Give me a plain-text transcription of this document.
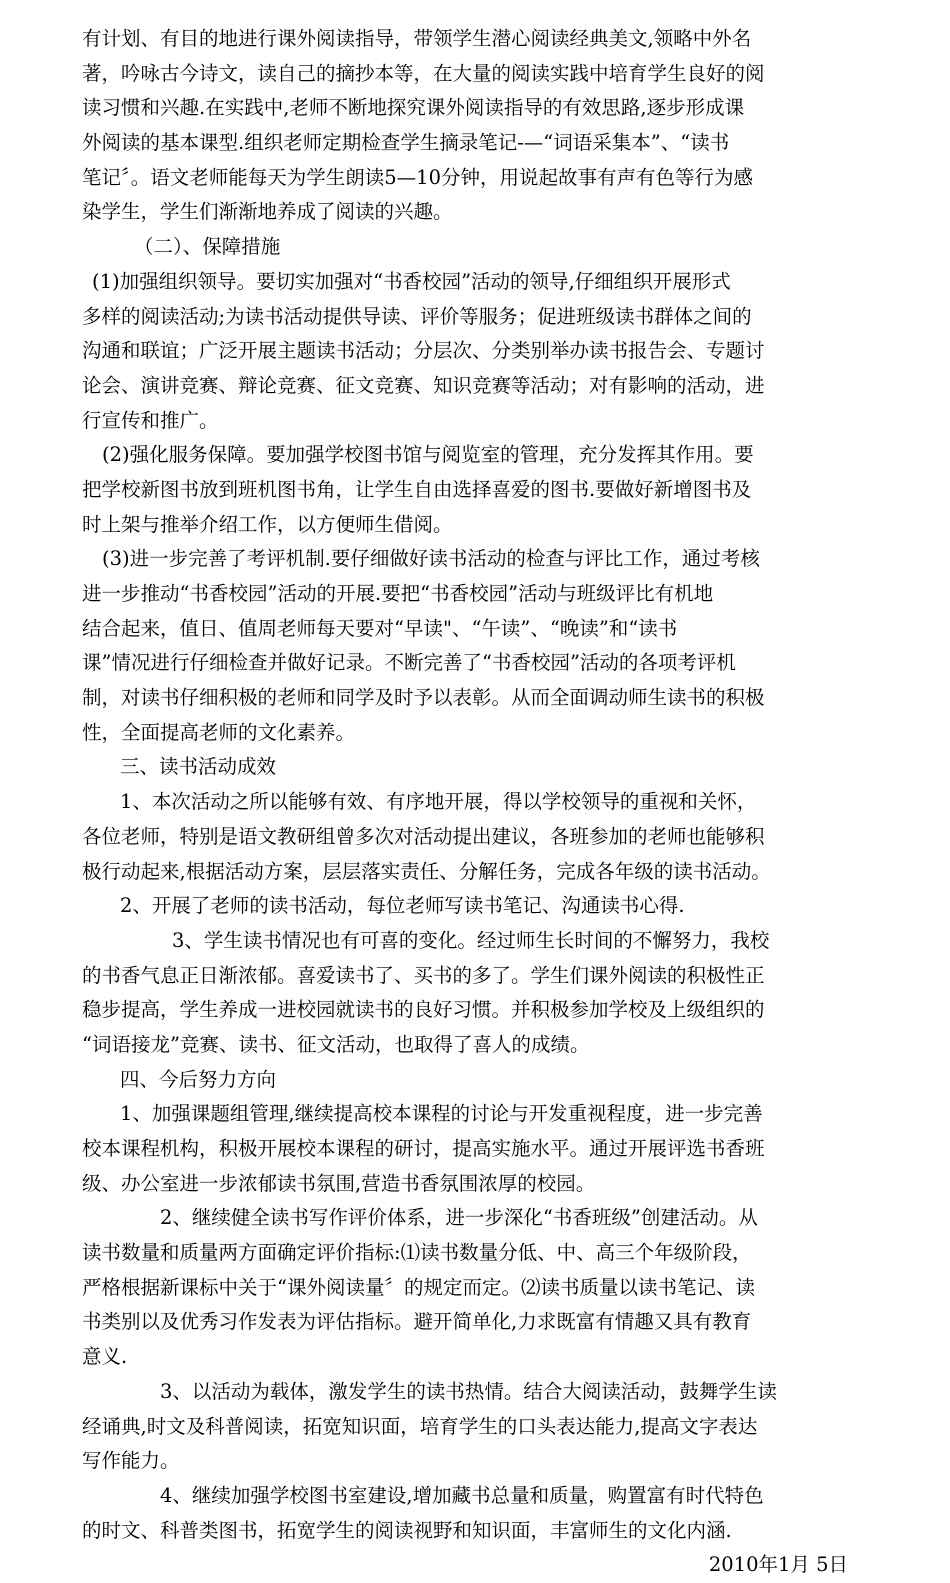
有计划、有目的地进行课外阅读指导，带领学生潜心阅读经典美文,领略中外名
著，吟咏古今诗文，读自己的摘抄本等，在大量的阅读实践中培育学生良好的阅
读习惯和兴趣.在实践中,老师不断地探究课外阅读指导的有效思路,逐步形成课
外阅读的基本课型.组织老师定期检查学生摘录笔记-—“词语采集本”、“读书
笔记〞。语文老师能每天为学生朗读5—10分钟，用说起故事有声有色等行为感
染学生，学生们渐渐地养成了阅读的兴趣。
（二）、保障措施
(1)加强组织领导。要切实加强对“书香校园”活动的领导,仔细组织开展形式
多样的阅读活动;为读书活动提供导读、评价等服务；促进班级读书群体之间的
沟通和联谊；广泛开展主题读书活动；分层次、分类别举办读书报告会、专题讨
论会、演讲竞赛、辩论竞赛、征文竞赛、知识竞赛等活动；对有影响的活动，进
行宣传和推广。
(2)强化服务保障。要加强学校图书馆与阅览室的管理，充分发挥其作用。要
把学校新图书放到班机图书角，让学生自由选择喜爱的图书.要做好新增图书及
时上架与推举介绍工作，以方便师生借阅。
(3)进一步完善了考评机制.要仔细做好读书活动的检查与评比工作，通过考核
进一步推动“书香校园”活动的开展.要把“书香校园”活动与班级评比有机地
结合起来，值日、值周老师每天要对“早读"、“午读”、“晚读”和“读书
课”情况进行仔细检查并做好记录。不断完善了“书香校园”活动的各项考评机
制，对读书仔细积极的老师和同学及时予以表彰。从而全面调动师生读书的积极
性，全面提高老师的文化素养。
三、读书活动成效
1、本次活动之所以能够有效、有序地开展，得以学校领导的重视和关怀，
各位老师，特别是语文教研组曾多次对活动提出建议，各班参加的老师也能够积
极行动起来,根据活动方案，层层落实责任、分解任务，完成各年级的读书活动。
2、开展了老师的读书活动，每位老师写读书笔记、沟通读书心得.
3、学生读书情况也有可喜的变化。经过师生长时间的不懈努力，我校
的书香气息正日渐浓郁。喜爱读书了、买书的多了。学生们课外阅读的积极性正
稳步提高，学生养成一进校园就读书的良好习惯。并积极参加学校及上级组织的
“词语接龙”竞赛、读书、征文活动，也取得了喜人的成绩。
四、今后努力方向
1、加强课题组管理,继续提高校本课程的讨论与开发重视程度，进一步完善
校本课程机构，积极开展校本课程的研讨，提高实施水平。通过开展评选书香班
级、办公室进一步浓郁读书氛围,营造书香氛围浓厚的校园。
2、继续健全读书写作评价体系，进一步深化“书香班级”创建活动。从
读书数量和质量两方面确定评价指标:⑴读书数量分低、中、高三个年级阶段，
严格根据新课标中关于“课外阅读量〞的规定而定。⑵读书质量以读书笔记、读
书类别以及优秀习作发表为评估指标。避开简单化,力求既富有情趣又具有教育
意义.
3、以活动为载体，激发学生的读书热情。结合大阅读活动，鼓舞学生读
经诵典,时文及科普阅读，拓宽知识面，培育学生的口头表达能力,提高文字表达
写作能力。
4、继续加强学校图书室建设,增加藏书总量和质量，购置富有时代特色
的时文、科普类图书，拓宽学生的阅读视野和知识面，丰富师生的文化内涵.
2010年1月 5日
